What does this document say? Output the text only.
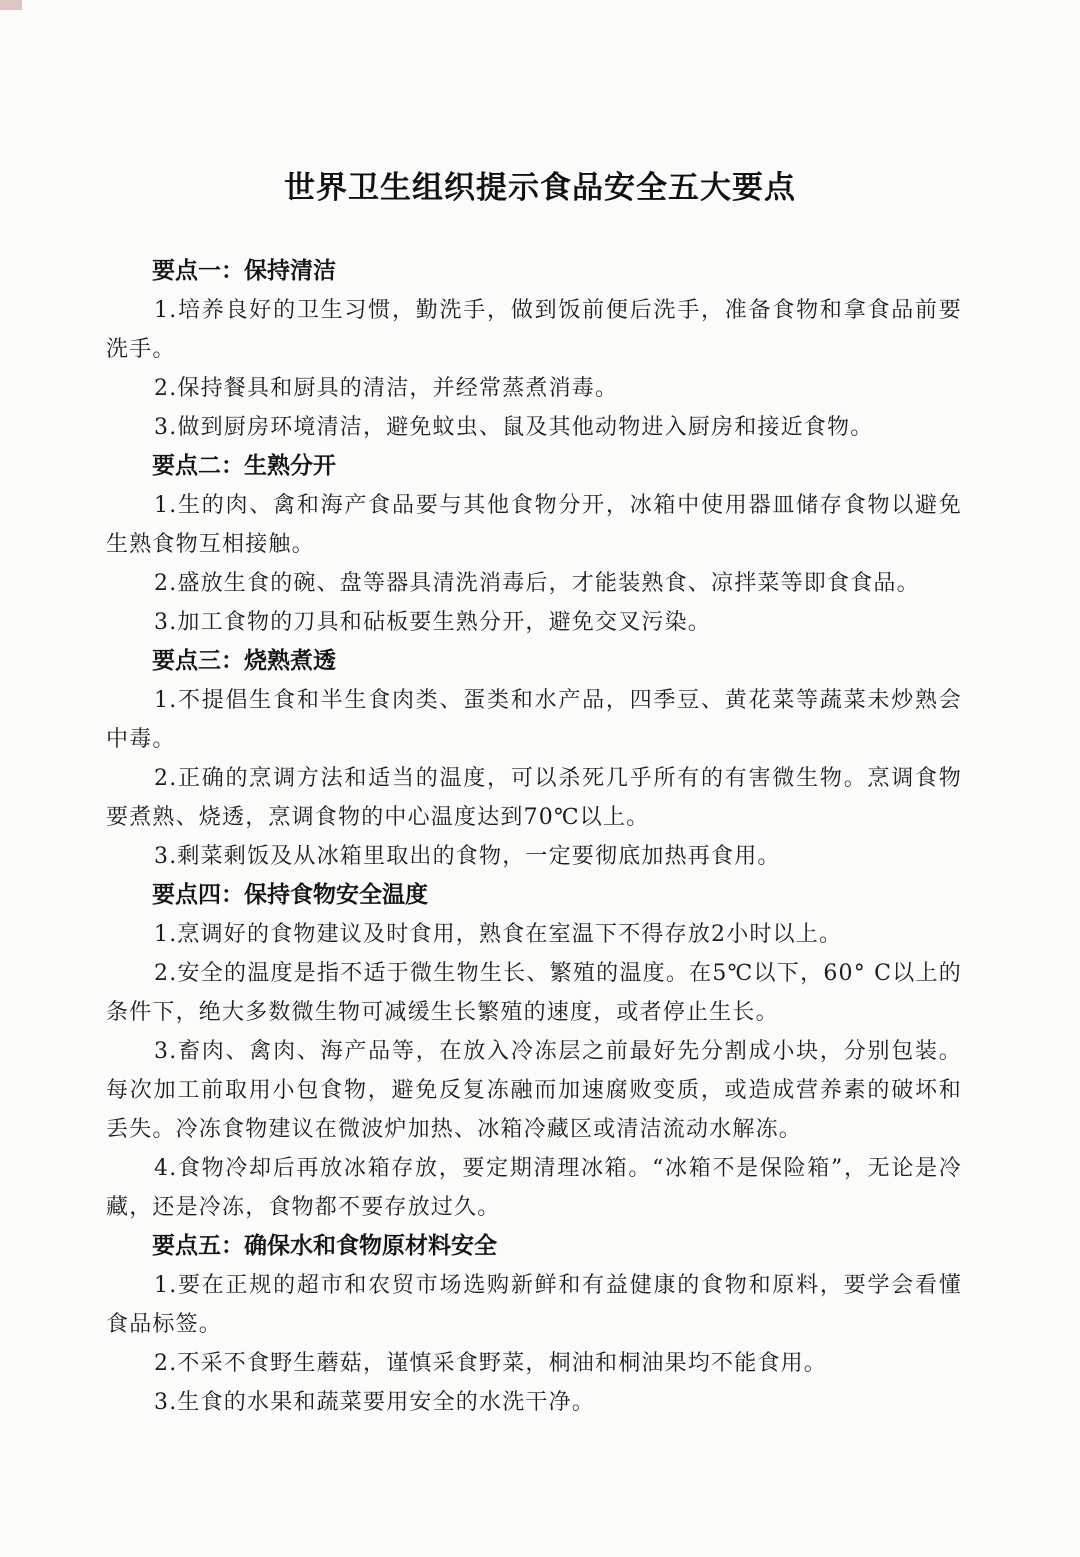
世界卫生组织提示食品安全五大要点

要点一：保持清洁

1.培养良好的卫生习惯，勤洗手，做到饭前便后洗手，准备食物和拿食品前要洗手。

2.保持餐具和厨具的清洁，并经常蒸煮消毒。

3.做到厨房环境清洁，避免蚊虫、鼠及其他动物进入厨房和接近食物。

要点二：生熟分开

1.生的肉、禽和海产食品要与其他食物分开，冰箱中使用器皿储存食物以避免生熟食物互相接触。

2.盛放生食的碗、盘等器具清洗消毒后，才能装熟食、凉拌菜等即食食品。

3.加工食物的刀具和砧板要生熟分开，避免交叉污染。

要点三：烧熟煮透

1.不提倡生食和半生食肉类、蛋类和水产品，四季豆、黄花菜等蔬菜未炒熟会中毒。

2.正确的烹调方法和适当的温度，可以杀死几乎所有的有害微生物。烹调食物要煮熟、烧透，烹调食物的中心温度达到70℃以上。

3.剩菜剩饭及从冰箱里取出的食物，一定要彻底加热再食用。

要点四：保持食物安全温度

1.烹调好的食物建议及时食用，熟食在室温下不得存放2小时以上。

2.安全的温度是指不适于微生物生长、繁殖的温度。在5℃以下，60° C以上的条件下，绝大多数微生物可减缓生长繁殖的速度，或者停止生长。

3.畜肉、禽肉、海产品等，在放入冷冻层之前最好先分割成小块，分别包装。每次加工前取用小包食物，避免反复冻融而加速腐败变质，或造成营养素的破坏和丢失。冷冻食物建议在微波炉加热、冰箱冷藏区或清洁流动水解冻。

4.食物冷却后再放冰箱存放，要定期清理冰箱。“冰箱不是保险箱”，无论是冷藏，还是冷冻，食物都不要存放过久。

要点五：确保水和食物原材料安全

1.要在正规的超市和农贸市场选购新鲜和有益健康的食物和原料，要学会看懂食品标签。

2.不采不食野生蘑菇，谨慎采食野菜，桐油和桐油果均不能食用。

3.生食的水果和蔬菜要用安全的水洗干净。
